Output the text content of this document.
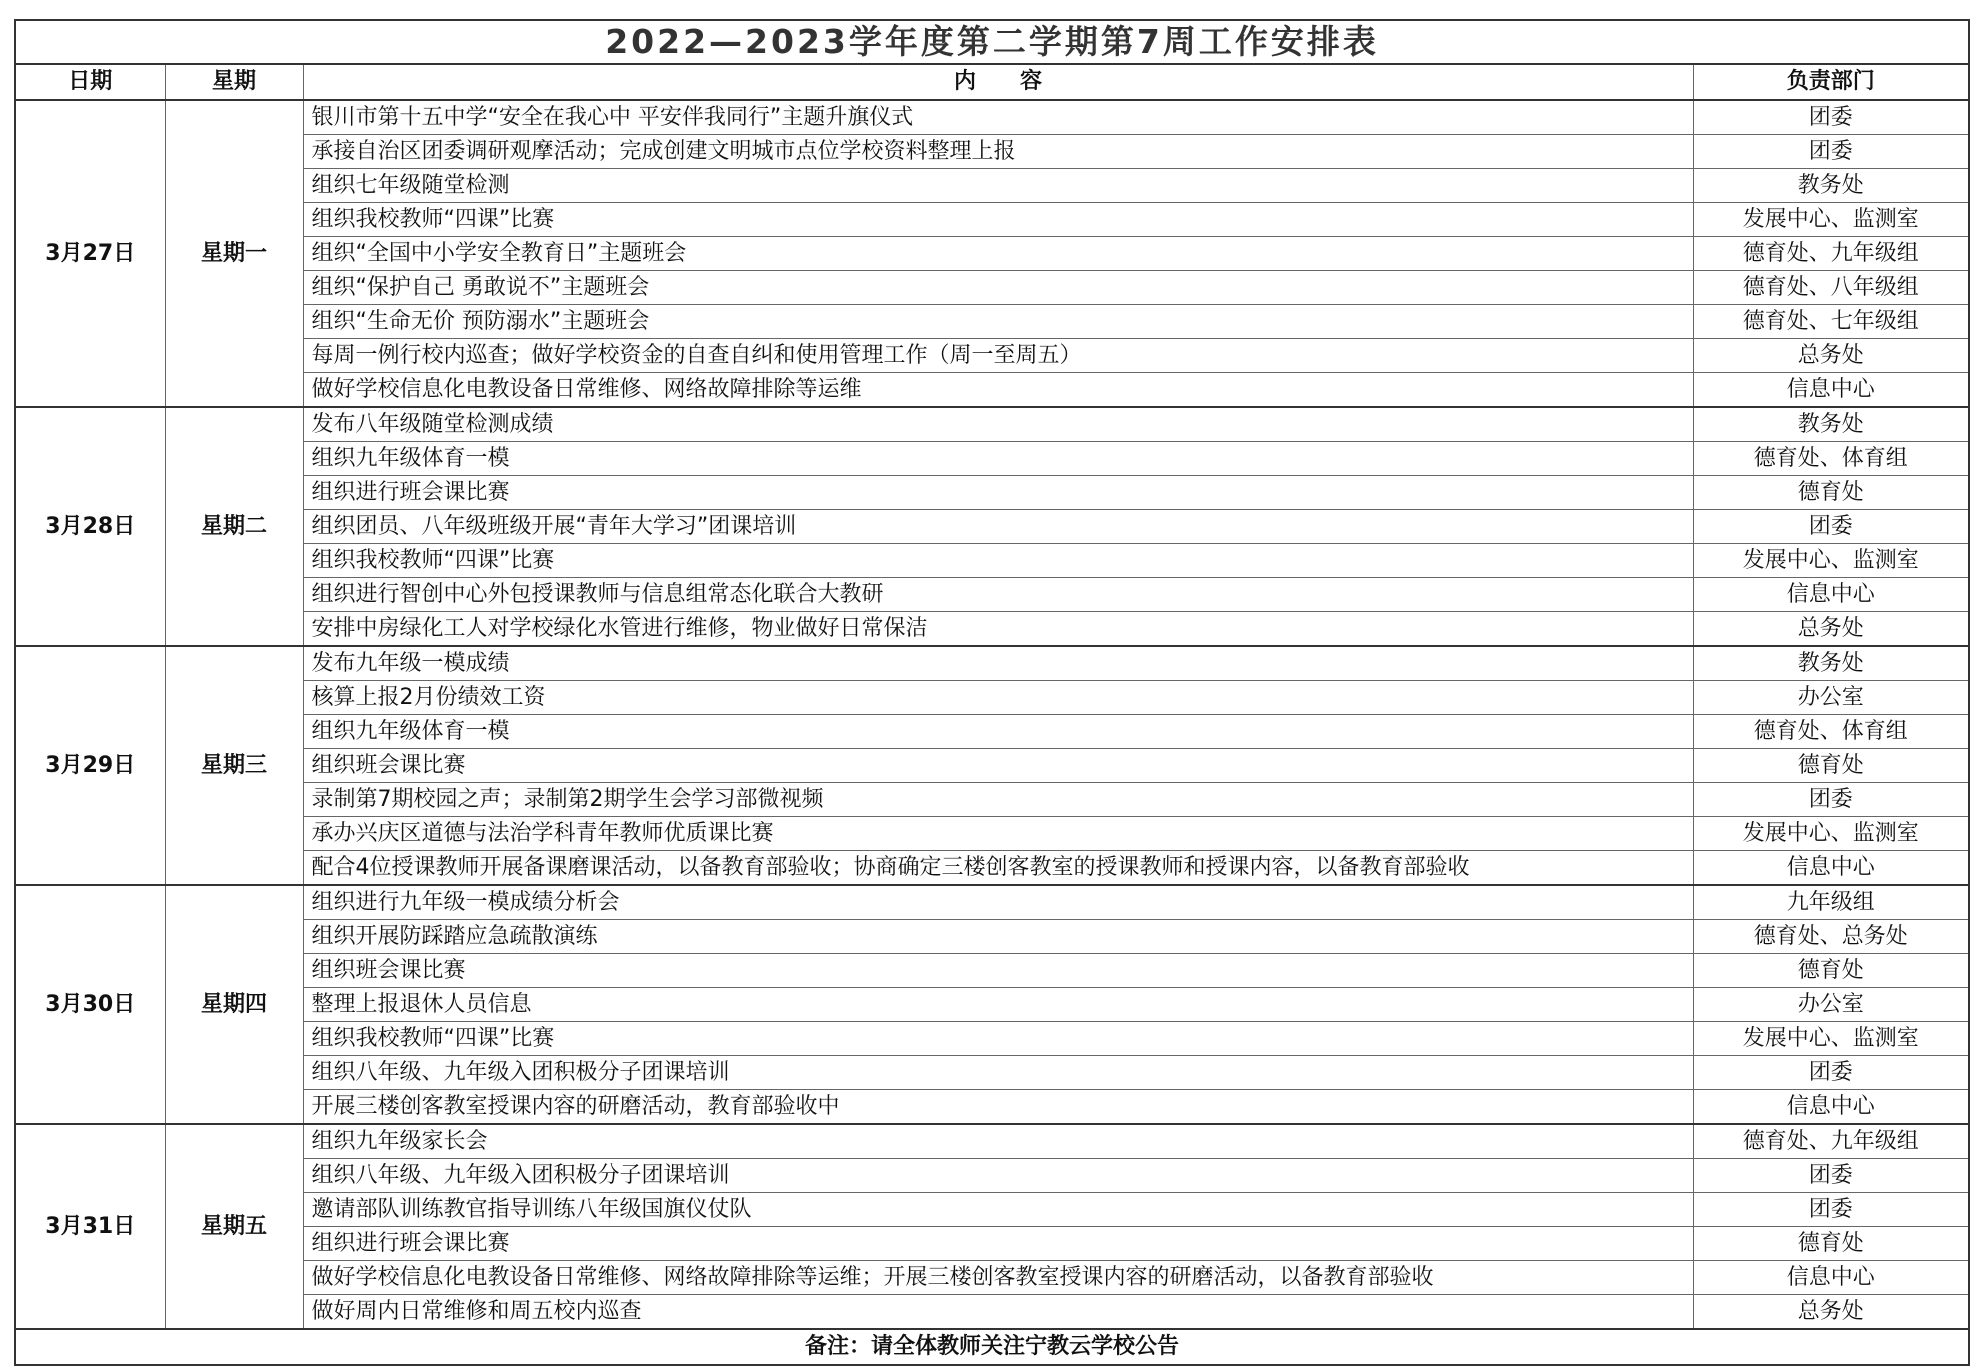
2022—2023学年度第二学期第7周工作安排表			
日期	星期	内　　容	负责部门
3月27日	星期一	银川市第十五中学“安全在我心中 平安伴我同行”主题升旗仪式	团委
		承接自治区团委调研观摩活动；完成创建文明城市点位学校资料整理上报	团委
		组织七年级随堂检测	教务处
		组织我校教师“四课”比赛	发展中心、监测室
		组织“全国中小学安全教育日”主题班会	德育处、九年级组
		组织“保护自己 勇敢说不”主题班会	德育处、八年级组
		组织“生命无价 预防溺水”主题班会	德育处、七年级组
		每周一例行校内巡查；做好学校资金的自查自纠和使用管理工作（周一至周五）	总务处
		做好学校信息化电教设备日常维修、网络故障排除等运维	信息中心
3月28日	星期二	发布八年级随堂检测成绩	教务处
		组织九年级体育一模	德育处、体育组
		组织进行班会课比赛	德育处
		组织团员、八年级班级开展“青年大学习”团课培训	团委
		组织我校教师“四课”比赛	发展中心、监测室
		组织进行智创中心外包授课教师与信息组常态化联合大教研	信息中心
		安排中房绿化工人对学校绿化水管进行维修，物业做好日常保洁	总务处
3月29日	星期三	发布九年级一模成绩	教务处
		核算上报2月份绩效工资	办公室
		组织九年级体育一模	德育处、体育组
		组织班会课比赛	德育处
		录制第7期校园之声；录制第2期学生会学习部微视频	团委
		承办兴庆区道德与法治学科青年教师优质课比赛	发展中心、监测室
		配合4位授课教师开展备课磨课活动，以备教育部验收；协商确定三楼创客教室的授课教师和授课内容，以备教育部验收	信息中心
3月30日	星期四	组织进行九年级一模成绩分析会	九年级组
		组织开展防踩踏应急疏散演练	德育处、总务处
		组织班会课比赛	德育处
		整理上报退休人员信息	办公室
		组织我校教师“四课”比赛	发展中心、监测室
		组织八年级、九年级入团积极分子团课培训	团委
		开展三楼创客教室授课内容的研磨活动，教育部验收中	信息中心
3月31日	星期五	组织九年级家长会	德育处、九年级组
		组织八年级、九年级入团积极分子团课培训	团委
		邀请部队训练教官指导训练八年级国旗仪仗队	团委
		组织进行班会课比赛	德育处
		做好学校信息化电教设备日常维修、网络故障排除等运维；开展三楼创客教室授课内容的研磨活动，以备教育部验收	信息中心
		做好周内日常维修和周五校内巡查	总务处
备注：请全体教师关注宁教云学校公告			
